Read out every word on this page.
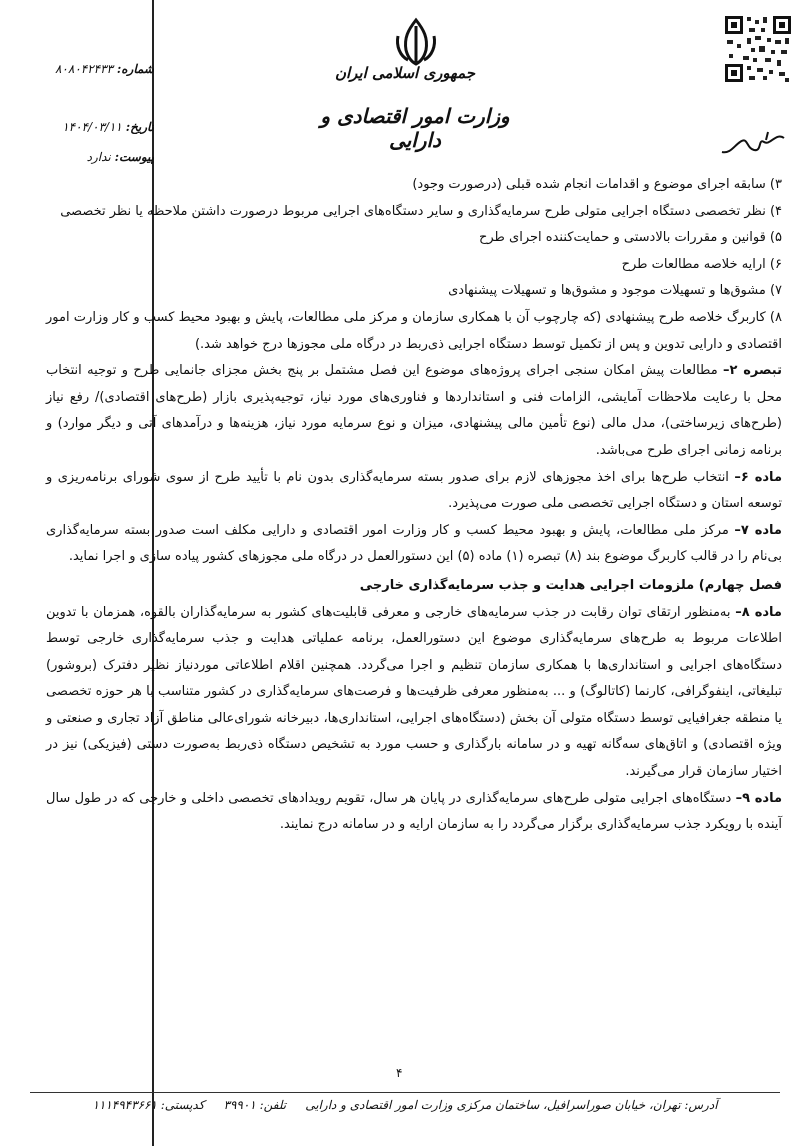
جمهوری اسلامی ایران
وزارت امور اقتصادی و دارایی
شماره: ۸۰۸۰۴۲۴۳۳
تاریخ: ۱۴۰۴/۰۳/۱۱
پیوست: ندارد

۳) سابقه اجرای موضوع و اقدامات انجام شده قبلی (درصورت وجود)

۴) نظر تخصصی دستگاه اجرایی متولی طرح سرمایه‌گذاری و سایر دستگاه‌های اجرایی مربوط درصورت داشتن ملاحظه یا نظر تخصصی

۵) قوانین و مقررات بالادستی و حمایت‌کننده اجرای طرح

۶) ارایه خلاصه مطالعات طرح

۷) مشوق‌ها و تسهیلات موجود و مشوق‌ها و تسهیلات پیشنهادی

۸) کاربرگ خلاصه طرح پیشنهادی (که چارچوب آن با همکاری سازمان و مرکز ملی مطالعات، پایش و بهبود محیط کسب و کار وزارت امور اقتصادی و دارایی تدوین و پس از تکمیل توسط دستگاه اجرایی ذی‌ربط در درگاه ملی مجوزها درج خواهد شد.)

تبصره ۲– مطالعات پیش امکان سنجی اجرای پروژه‌های موضوع این فصل مشتمل بر پنج بخش مجزای جانمایی طرح و توجیه انتخاب محل با رعایت ملاحظات آمایشی، الزامات فنی و استانداردها و فناوری‌های مورد نیاز، توجیه‌پذیری بازار (طرح‌های اقتصادی)/ رفع نیاز (طرح‌های زیرساختی)، مدل مالی (نوع تأمین مالی پیشنهادی، میزان و نوع سرمایه مورد نیاز، هزینه‌ها و درآمدهای آتی و دیگر موارد) و برنامه زمانی اجرای طرح می‌باشد.

ماده ۶– انتخاب طرح‌ها برای اخذ مجوزهای لازم برای صدور بسته سرمایه‌گذاری بدون نام با تأیید طرح از سوی شورای برنامه‌ریزی و توسعه استان و دستگاه اجرایی تخصصی ملی صورت می‌پذیرد.

ماده ۷– مرکز ملی مطالعات، پایش و بهبود محیط کسب و کار وزارت امور اقتصادی و دارایی مکلف است صدور بسته سرمایه‌گذاری بی‌نام را در قالب کاربرگ موضوع بند (۸) تبصره (۱) ماده (۵) این دستورالعمل در درگاه ملی مجوزهای کشور پیاده سازی و اجرا نماید.

فصل چهارم) ملزومات اجرایی هدایت و جذب سرمایه‌گذاری خارجی

ماده ۸– به‌منظور ارتقای توان رقابت در جذب سرمایه‌های خارجی و معرفی قابلیت‌های کشور به سرمایه‌گذاران بالقوه، همزمان با تدوین اطلاعات مربوط به طرح‌های سرمایه‌گذاری موضوع این دستورالعمل، برنامه عملیاتی هدایت و جذب سرمایه‌گذاری خارجی توسط دستگاه‌های اجرایی و استانداری‌ها با همکاری سازمان تنظیم و اجرا می‌گردد. همچنین اقلام اطلاعاتی موردنیاز نظیر دفترک (بروشور) تبلیغاتی، اینفوگرافی، کارنما (کاتالوگ) و ... به‌منظور معرفی ظرفیت‌ها و فرصت‌های سرمایه‌گذاری در کشور متناسب با هر حوزه تخصصی یا منطقه جغرافیایی توسط دستگاه متولی آن بخش (دستگاه‌های اجرایی، استانداری‌ها، دبیرخانه شورای‌عالی مناطق آزاد تجاری و صنعتی و ویژه اقتصادی) و اتاق‌های سه‌گانه تهیه و در سامانه بارگذاری و حسب مورد به تشخیص دستگاه ذی‌ربط به‌صورت دستی (فیزیکی) نیز در اختیار سازمان قرار می‌گیرند.

ماده ۹– دستگاه‌های اجرایی متولی طرح‌های سرمایه‌گذاری در پایان هر سال، تقویم رویدادهای تخصصی داخلی و خارجی که در طول سال آینده با رویکرد جذب سرمایه‌گذاری برگزار می‌گردد را به سازمان ارایه و در سامانه درج نمایند.

۴
آدرس: تهران، خیابان صوراسرافیل، ساختمان مرکزی وزارت امور اقتصادی و دارایی     تلفن: ۳۹۹۰۱     کدپستی: ۱۱۱۴۹۴۳۶۶۱
